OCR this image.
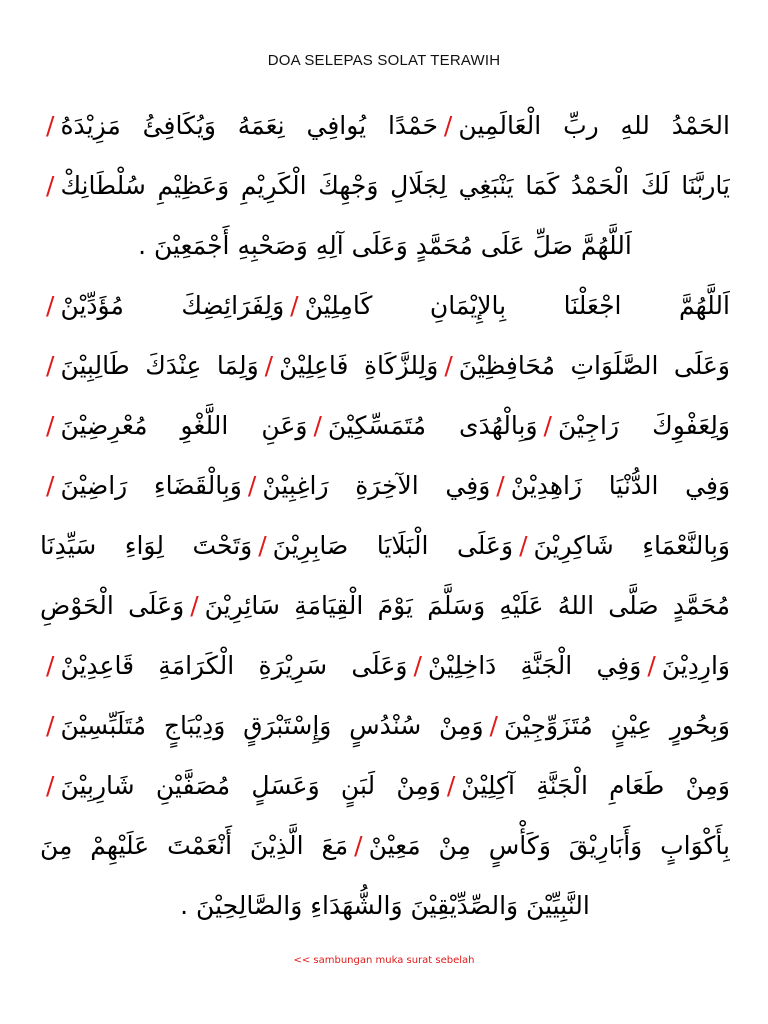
DOA SELEPAS SOLAT TERAWIH
الحَمْدُ للهِ ربِّ الْعَالَمِين/حَمْدًا يُوافِي نِعَمَهُ وَيُكَافِئُ مَزِيْدَهُ/
يَاربَّنَا لَكَ الْحَمْدُ كَمَا يَنْبَغِي لِجَلَالِ وَجْهِكَ الْكَرِيْمِ وَعَظِيْمِ سُلْطَانِكْ/
اَللَّهُمَّ صَلِّ عَلَى مُحَمَّدٍ وَعَلَى آلِهِ وَصَحْبِهِ أَجْمَعِيْنَ .
اَللَّهُمَّ اجْعَلْنَا بِالإِيْمَانِ كَامِلِيْنْ/وَلِفَرَائِضِكَ مُؤَدِّيْنْ/
وَعَلَى الصَّلَوَاتِ مُحَافِظِيْنَ/وَلِلزَّكَاةِ فَاعِلِيْنْ/وَلِمَا عِنْدَكَ طَالِبِيْنَ/
وَلِعَفْوِكَ رَاجِيْنَ/وَبِالْهُدَى مُتَمَسِّكِيْنَ/وَعَنِ اللَّغْوِ مُعْرِضِيْنَ/
وَفِي الدُّنْيَا زَاهِدِيْنْ/وَفِي الآخِرَةِ رَاغِبِيْنْ/وَبِالْقَضَاءِ رَاضِيْنَ/
وَبِالنَّعْمَاءِ شَاكِرِيْنَ/وَعَلَى الْبَلَايَا صَابِرِيْنَ/وَتَحْتَ لِوَاءِ سَيِّدِنَا
مُحَمَّدٍ صَلَّى اللهُ عَلَيْهِ وَسَلَّمَ يَوْمَ الْقِيَامَةِ سَائِرِيْنَ/وَعَلَى الْحَوْضِ
وَارِدِيْنَ/وَفِي الْجَنَّةِ دَاخِلِيْنْ/وَعَلَى سَرِيْرَةِ الْكَرَامَةِ قَاعِدِيْنْ/
وَبِحُورٍ عِيْنٍ مُتَزَوِّجِيْنَ/وَمِنْ سُنْدُسٍ وَإِسْتَبْرَقٍ وَدِيْبَاجٍ مُتَلَبِّسِيْنَ/
وَمِنْ طَعَامِ الْجَنَّةِ آكِلِيْنْ/وَمِنْ لَبَنٍ وَعَسَلٍ مُصَفَّيْنِ شَارِبِيْنَ/
بِأَكْوَابٍ وَأَبَارِيْقَ وَكَأْسٍ مِنْ مَعِيْنْ/مَعَ الَّذِيْنَ أَنْعَمْتَ عَلَيْهِمْ مِنَ
النَّبِيِّيْنَ وَالصِّدِّيْقِيْنَ وَالشُّهَدَاءِ وَالصَّالِحِيْنَ .
<< sambungan muka surat sebelah
